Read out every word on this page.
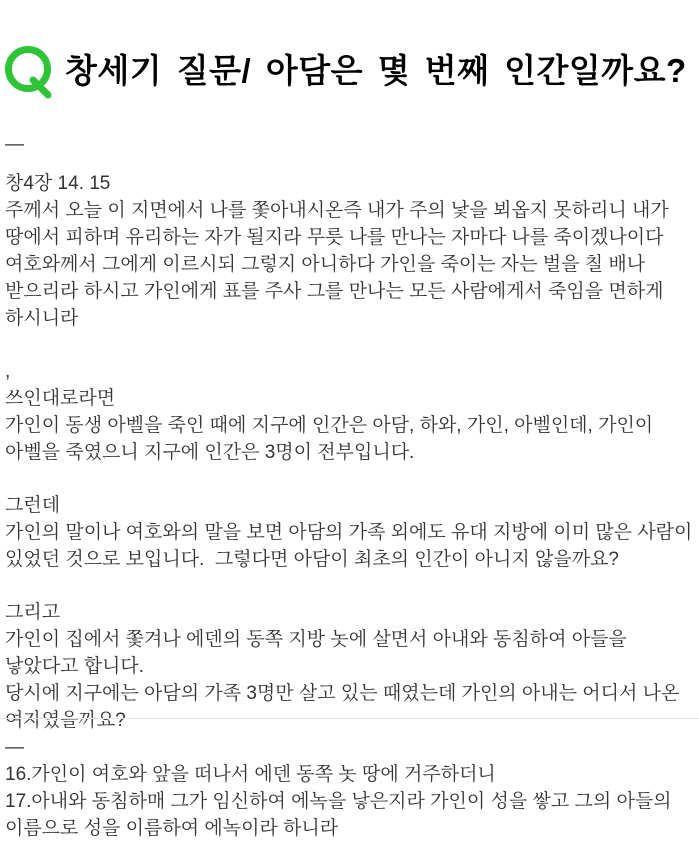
창세기 질문/ 아담은 몇 번째 인간일까요?
—
창4장 14. 15
주께서 오늘 이 지면에서 나를 쫓아내시온즉 내가 주의 낯을 뵈옵지 못하리니 내가 땅에서 피하며 유리하는 자가 될지라 무릇 나를 만나는 자마다 나를 죽이겠나이다
여호와께서 그에게 이르시되 그렇지 아니하다 가인을 죽이는 자는 벌을 칠 배나 받으리라 하시고 가인에게 표를 주사 그를 만나는 모든 사람에게서 죽임을 면하게 하시니라
,
쓰인대로라면
가인이 동생 아벨을 죽인 때에 지구에 인간은 아담, 하와, 가인, 아벨인데, 가인이 아벨을 죽였으니 지구에 인간은 3명이 전부입니다.
그런데
가인의 말이나 여호와의 말을 보면 아담의 가족 외에도 유대 지방에 이미 많은 사람이 있었던 것으로 보입니다.  그렇다면 아담이 최초의 인간이 아니지 않을까요?
그리고
가인이 집에서 쫓겨나 에덴의 동쪽 지방 놋에 살면서 아내와 동침하여 아들을 낳았다고 합니다.
당시에 지구에는 아담의 가족 3명만 살고 있는 때였는데 가인의 아내는 어디서 나온 여자였을까요?
—
16.가인이 여호와 앞을 떠나서 에덴 동쪽 놋 땅에 거주하더니
17.아내와 동침하매 그가 임신하여 에녹을 낳은지라 가인이 성을 쌓고 그의 아들의 이름으로 성을 이름하여 에녹이라 하니라
